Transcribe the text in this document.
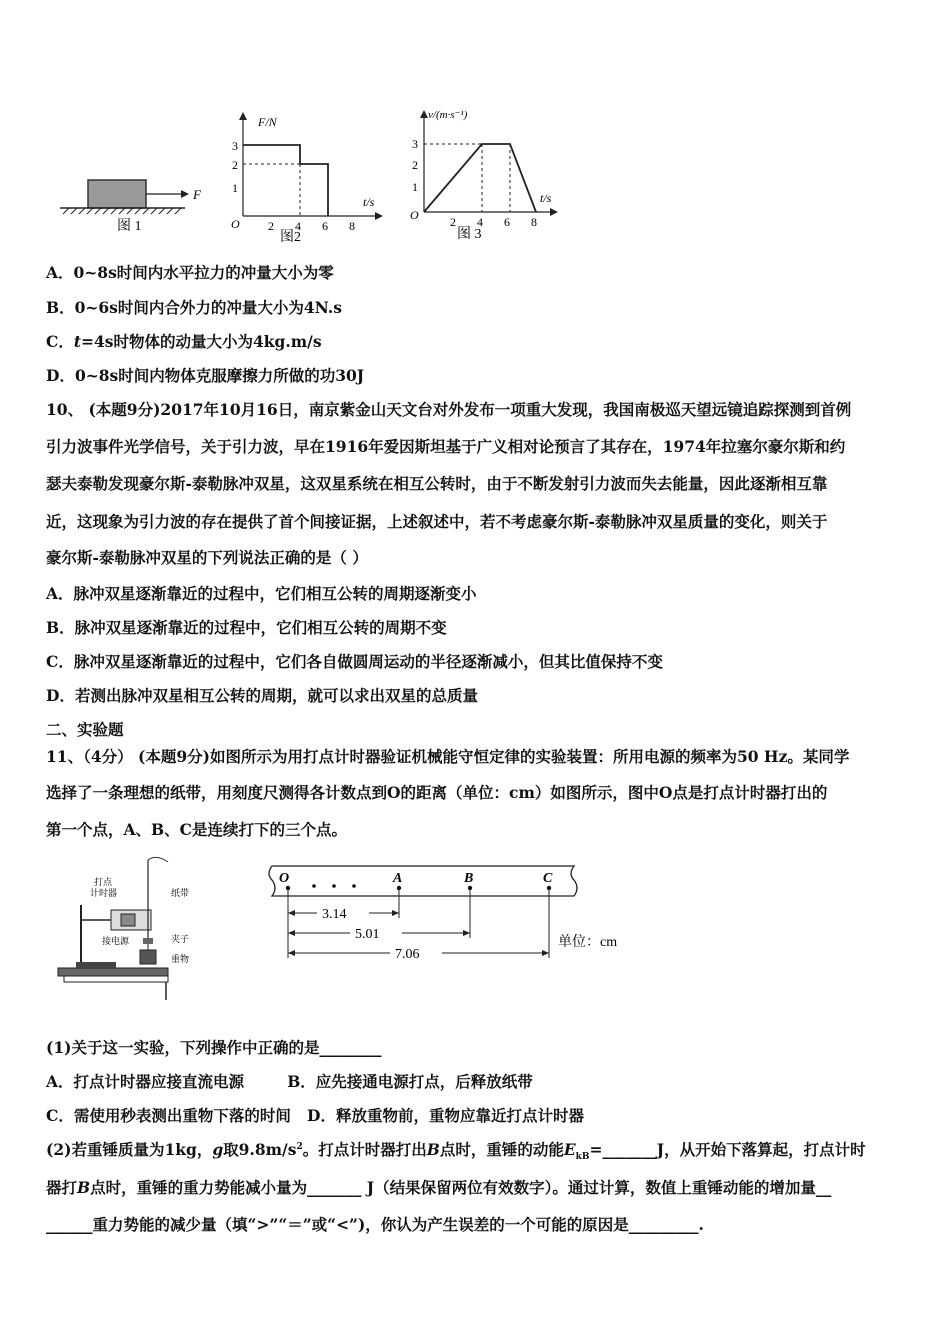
F
图 1
F/N
t/s
O
3
2
1
2 4 6 8
图2
v/(m·s⁻¹)
t/s
O
3
2
1
2 4 6 8
图 3
A．0~8s时间内水平拉力的冲量大小为零
B．0~6s时间内合外力的冲量大小为4N.s
C．t=4s时物体的动量大小为4kg.m/s
D．0~8s时间内物体克服摩擦力所做的功30J
10、 (本题9分)2017年10月16日，南京紫金山天文台对外发布一项重大发现，我国南极巡天望远镜追踪探测到首例
引力波事件光学信号，关于引力波，早在1916年爱因斯坦基于广义相对论预言了其存在，1974年拉塞尔豪尔斯和约
瑟夫泰勒发现豪尔斯-泰勒脉冲双星，这双星系统在相互公转时，由于不断发射引力波而失去能量，因此逐渐相互靠
近，这现象为引力波的存在提供了首个间接证据，上述叙述中，若不考虑豪尔斯-泰勒脉冲双星质量的变化，则关于
豪尔斯-泰勒脉冲双星的下列说法正确的是（ ）
A．脉冲双星逐渐靠近的过程中，它们相互公转的周期逐渐变小
B．脉冲双星逐渐靠近的过程中，它们相互公转的周期不变
C．脉冲双星逐渐靠近的过程中，它们各自做圆周运动的半径逐渐减小，但其比值保持不变
D．若测出脉冲双星相互公转的周期，就可以求出双星的总质量
二、实验题
11、（4分） (本题9分)如图所示为用打点计时器验证机械能守恒定律的实验装置：所用电源的频率为50 Hz。某同学
选择了一条理想的纸带，用刻度尺测得各计数点到O的距离（单位：cm）如图所示，图中O点是打点计时器打出的
第一个点，A、B、C是连续打下的三个点。
打点
计时器	纸带
接电源	夹子
重物
O	A	B	C
3.14
5.01
7.06
单位：cm
(1)关于这一实验，下列操作中正确的是________
A．打点计时器应接直流电源        B．应先接通电源打点，后释放纸带
C．需使用秒表测出重物下落的时间   D．释放重物前，重物应靠近打点计时器
(2)若重锤质量为1kg，g取$9.8m/s^2$。打点计时器打出B点时，重锤的动能$E_{kB}=\_\_\_\_\_\_\_J$，从开始下落算起，打点计时
器打B点时，重锤的重力势能减小量为_______ J（结果保留两位有效数字）。通过计算，数值上重锤动能的增加量__
______重力势能的减少量（填“>”“＝”或“<”)，你认为产生误差的一个可能的原因是_________.
